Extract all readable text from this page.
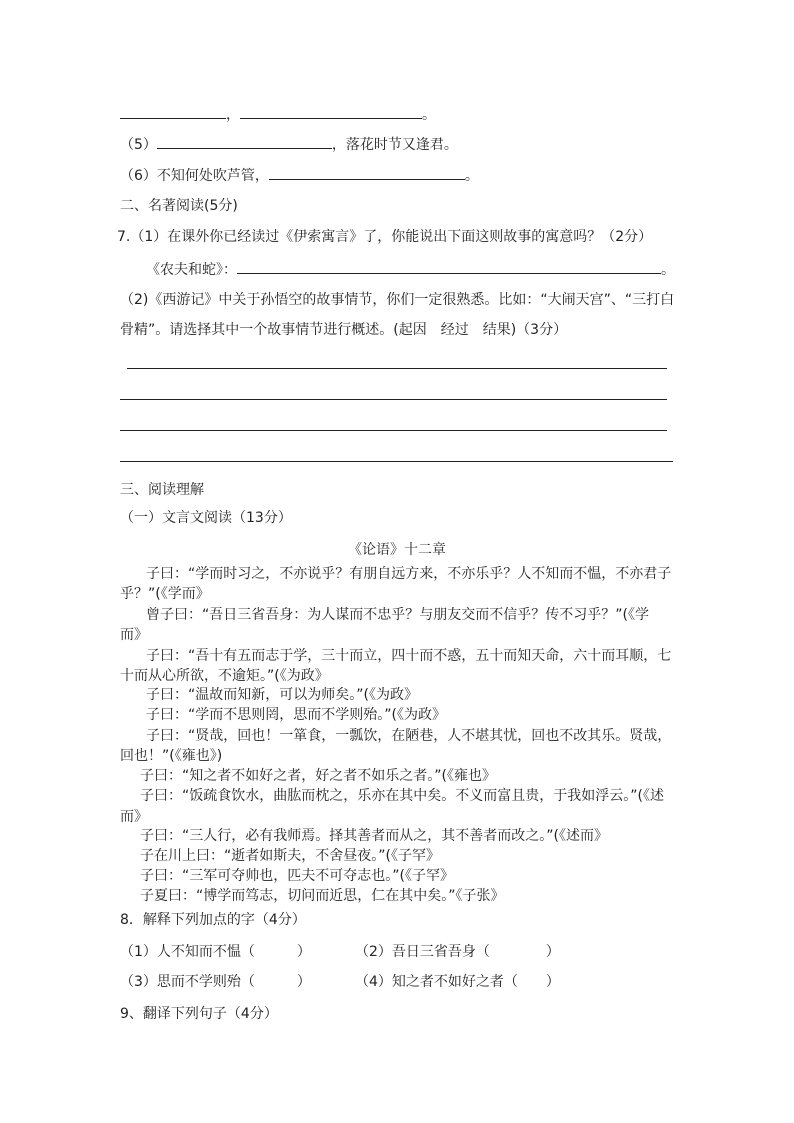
，	。
（5）	，落花时节又逢君。
（6）不知何处吹芦管，	。
二、名著阅读(5分)
7.（1）在课外你已经读过《伊索寓言》了，你能说出下面这则故事的寓意吗？（2分）
《农夫和蛇》：	。
（2)《西游记》中关于孙悟空的故事情节，你们一定很熟悉。比如：“大闹天宫”、“三打白
骨精”。请选择其中一个故事情节进行概述。(起因　经过　结果)（3分）
三、阅读理解
（一）文言文阅读（13分）
《论语》十二章
子曰：“学而时习之，不亦说乎？有朋自远方来，不亦乐乎？人不知而不愠，不亦君子
乎？”(《学而》
曾子曰：“吾日三省吾身：为人谋而不忠乎？与朋友交而不信乎？传不习乎？”(《学
而》
子曰：“吾十有五而志于学，三十而立，四十而不惑，五十而知天命，六十而耳顺，七
十而从心所欲，不逾矩。”(《为政》
子曰：“温故而知新，可以为师矣。”(《为政》
子曰：“学而不思则罔，思而不学则殆。”(《为政》
子曰：“贤哉，回也！一箪食，一瓢饮，在陋巷，人不堪其忧，回也不改其乐。贤哉，
回也！”(《雍也》)
子曰：“知之者不如好之者，好之者不如乐之者。”(《雍也》
子曰：“饭疏食饮水，曲肱而枕之，乐亦在其中矣。不义而富且贵，于我如浮云。”(《述
而》
子曰：“三人行，必有我师焉。择其善者而从之，其不善者而改之。”(《述而》
子在川上曰：“逝者如斯夫，不舍昼夜。”(《子罕》
子曰：“三军可夺帅也，匹夫不可夺志也。”(《子罕》
子夏曰：“博学而笃志，切问而近思，仁在其中矣。”《子张》
8．解释下列加点的字（4分）
（1）人不知而不愠（　　　）	（2）吾日三省吾身（　　　　）
（3）思而不学则殆（　　　）	（4）知之者不如好之者（　　）
9、翻译下列句子（4分）
